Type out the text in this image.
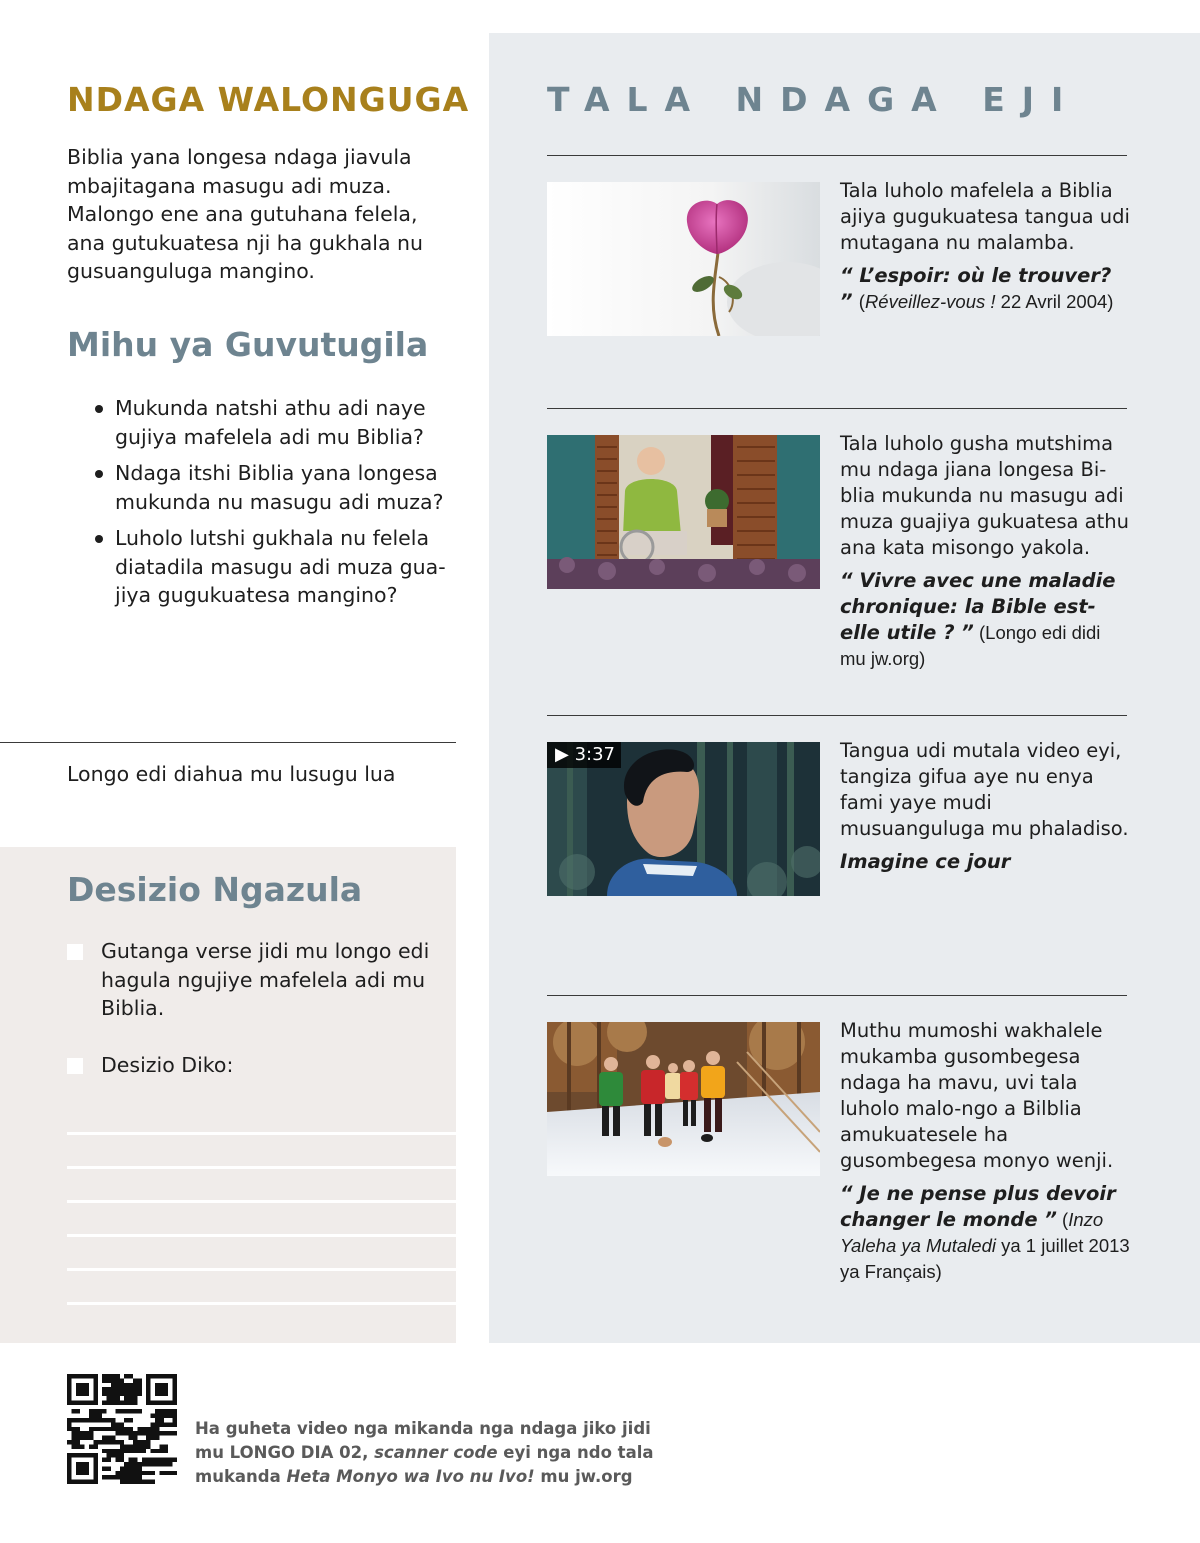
NDAGA WALONGUGA

Biblia yana longesa ndaga jiavula mbajitagana masugu adi muza. Malongo ene ana gutuhana felela, ana gutukuatesa nji ha gukhala nu gusuanguluga mangino.

Mihu ya Guvutugila
Mukunda natshi athu adi naye gujiya mafelela adi mu Biblia?
Ndaga itshi Biblia yana longesa mukunda nu masugu adi muza?
Luholo lutshi gukhala nu felela diatadila masugu adi muza gua-jiya gugukuatesa mangino?

Longo edi diahua mu lusugu lua

Desizio Ngazula
Gutanga verse jidi mu longo edi hagula ngujiye mafelela adi mu Biblia.
Desizio Diko:
TALA NDAGA EJI

Tala luholo mafelela a Biblia ajiya gugukuatesa tangua udi mutagana nu malamba.

“ L’espoir: où le trouver? ” (Réveillez-vous ! 22 Avril 2004)

Tala luholo gusha mutshima mu ndaga jiana longesa Bi-blia mukunda nu masugu adi muza guajiya gukuatesa athu ana kata misongo yakola.

“ Vivre avec une maladie chronique: la Bible est-elle utile ? ” (Longo edi didi mu jw.org)

▶ 3:37	Tangua udi mutala video eyi, tangiza gifua aye nu enya fami yaye mudi musuanguluga mu phaladiso.

Imagine ce jour

Muthu mumoshi wakhalele mukamba gusombegesa ndaga ha mavu, uvi tala luholo malo-ngo a Bilblia amukuatesele ha gusombegesa monyo wenji.

“ Je ne pense plus devoir changer le monde ” (Inzo Yaleha ya Mutaledi ya 1 juillet 2013 ya Français)

Ha guheta video nga mikanda nga ndaga jiko jidi mu LONGO DIA 02, scanner code eyi nga ndo tala mukanda Heta Monyo wa Ivo nu Ivo! mu jw.org
